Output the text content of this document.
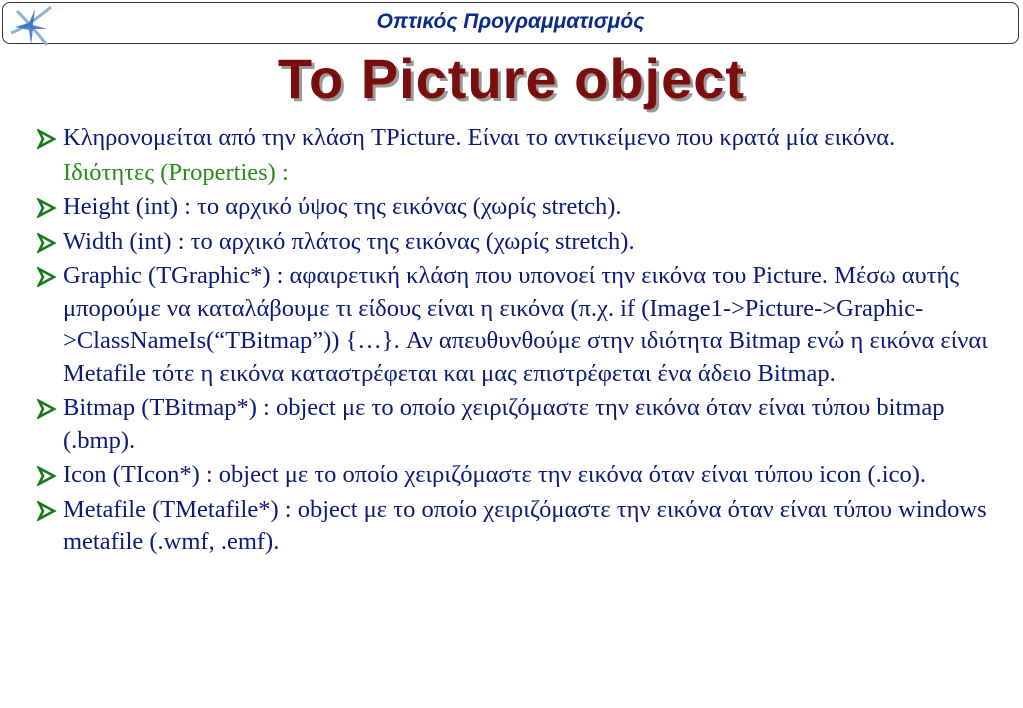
Οπτικός Προγραμματισμός
To Picture object
Κληρονομείται από την κλάση TPicture. Είναι το αντικείμενο που κρατά μία εικόνα.
Ιδιότητες (Properties) :
Height (int) : το αρχικό ύψος της εικόνας (χωρίς stretch).
Width (int) : το αρχικό πλάτος της εικόνας (χωρίς stretch).
Graphic (TGraphic*) : αφαιρετική κλάση που υπονοεί την εικόνα του Picture. Μέσω αυτής μπορούμε να καταλάβουμε τι είδους είναι η εικόνα (π.χ. if (Image1->Picture->Graphic->ClassNameIs(“TBitmap”)) {…}. Αν απευθυνθούμε στην ιδιότητα Bitmap ενώ η εικόνα είναι Metafile τότε η εικόνα καταστρέφεται και μας επιστρέφεται ένα άδειο Bitmap.
Bitmap (TBitmap*) : object με το οποίο χειριζόμαστε την εικόνα όταν είναι τύπου bitmap (.bmp).
Icon (TIcon*) : object με το οποίο χειριζόμαστε την εικόνα όταν είναι τύπου icon (.ico).
Metafile (TMetafile*) : object με το οποίο χειριζόμαστε την εικόνα όταν είναι τύπου windows metafile (.wmf, .emf).
